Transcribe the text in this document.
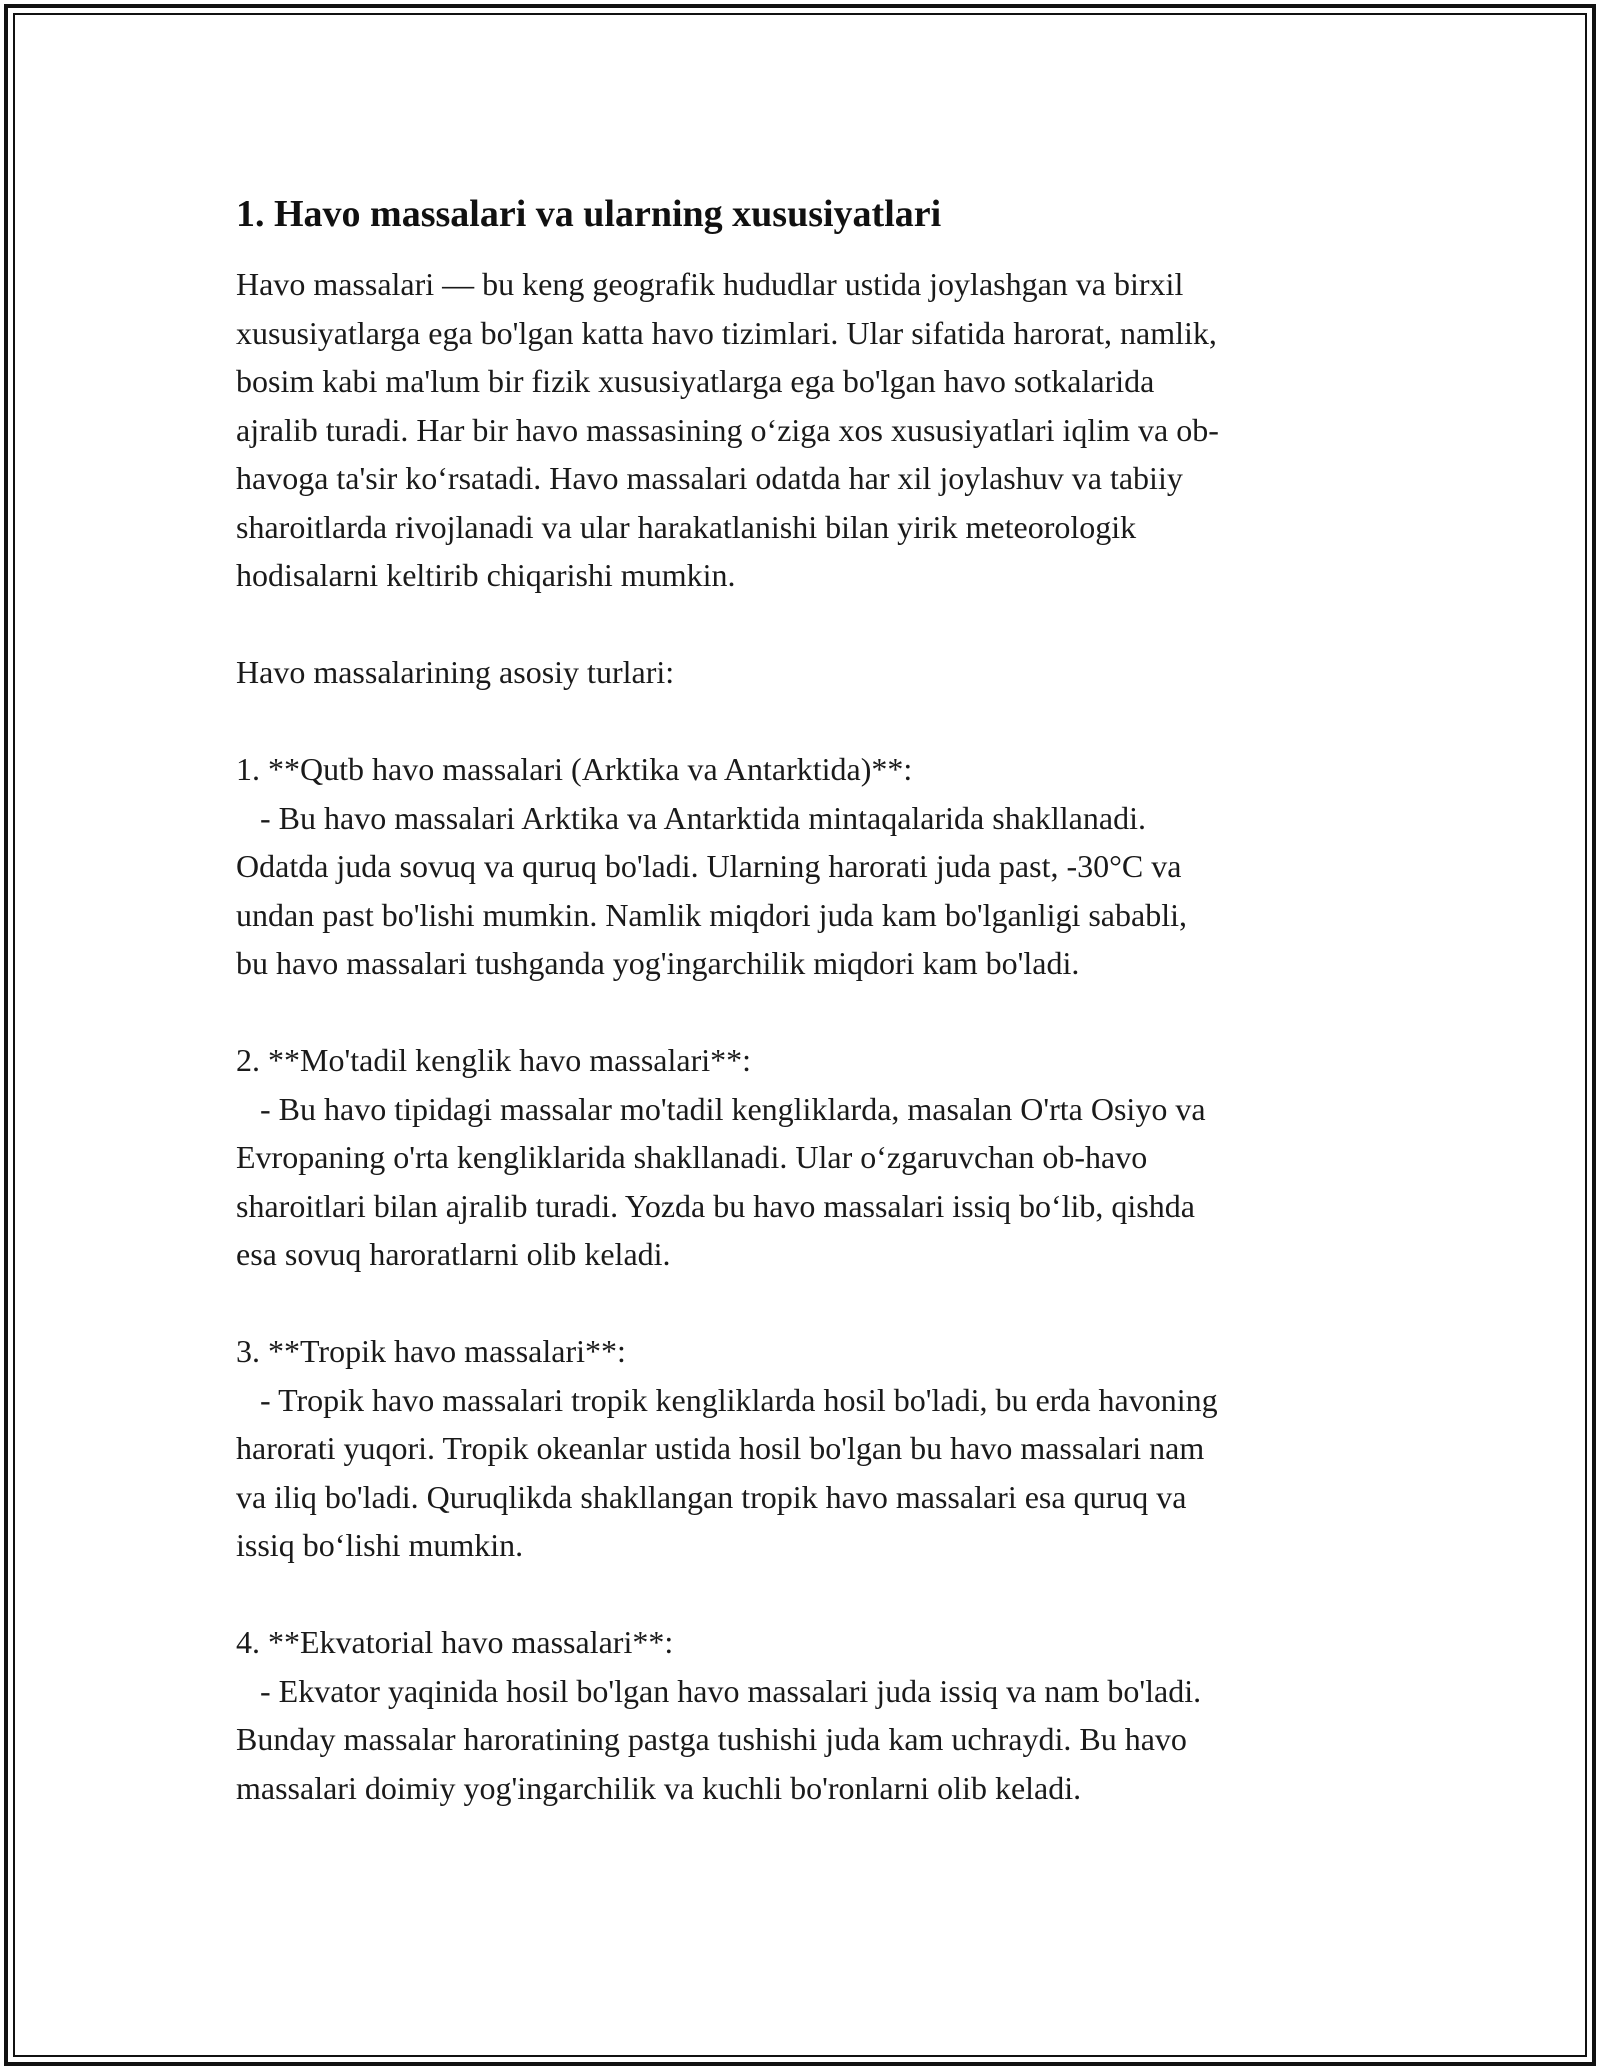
1. Havo massalari va ularning xususiyatlari

Havo massalari — bu keng geografik hududlar ustida joylashgan va birxil
xususiyatlarga ega bo'lgan katta havo tizimlari. Ular sifatida harorat, namlik,
bosim kabi ma'lum bir fizik xususiyatlarga ega bo'lgan havo sotkalarida
ajralib turadi. Har bir havo massasining o‘ziga xos xususiyatlari iqlim va ob-
havoga ta'sir ko‘rsatadi. Havo massalari odatda har xil joylashuv va tabiiy
sharoitlarda rivojlanadi va ular harakatlanishi bilan yirik meteorologik
hodisalarni keltirib chiqarishi mumkin.

Havo massalarining asosiy turlari:

1. **Qutb havo massalari (Arktika va Antarktida)**:

- Bu havo massalari Arktika va Antarktida mintaqalarida shakllanadi.
Odatda juda sovuq va quruq bo'ladi. Ularning harorati juda past, -30°C va
undan past bo'lishi mumkin. Namlik miqdori juda kam bo'lganligi sababli,
bu havo massalari tushganda yog'ingarchilik miqdori kam bo'ladi.

2. **Mo'tadil kenglik havo massalari**:

- Bu havo tipidagi massalar mo'tadil kengliklarda, masalan O'rta Osiyo va
Evropaning o'rta kengliklarida shakllanadi. Ular o‘zgaruvchan ob-havo
sharoitlari bilan ajralib turadi. Yozda bu havo massalari issiq bo‘lib, qishda
esa sovuq haroratlarni olib keladi.

3. **Tropik havo massalari**:

- Tropik havo massalari tropik kengliklarda hosil bo'ladi, bu erda havoning
harorati yuqori. Tropik okeanlar ustida hosil bo'lgan bu havo massalari nam
va iliq bo'ladi. Quruqlikda shakllangan tropik havo massalari esa quruq va
issiq bo‘lishi mumkin.

4. **Ekvatorial havo massalari**:

- Ekvator yaqinida hosil bo'lgan havo massalari juda issiq va nam bo'ladi.
Bunday massalar haroratining pastga tushishi juda kam uchraydi. Bu havo
massalari doimiy yog'ingarchilik va kuchli bo'ronlarni olib keladi.
